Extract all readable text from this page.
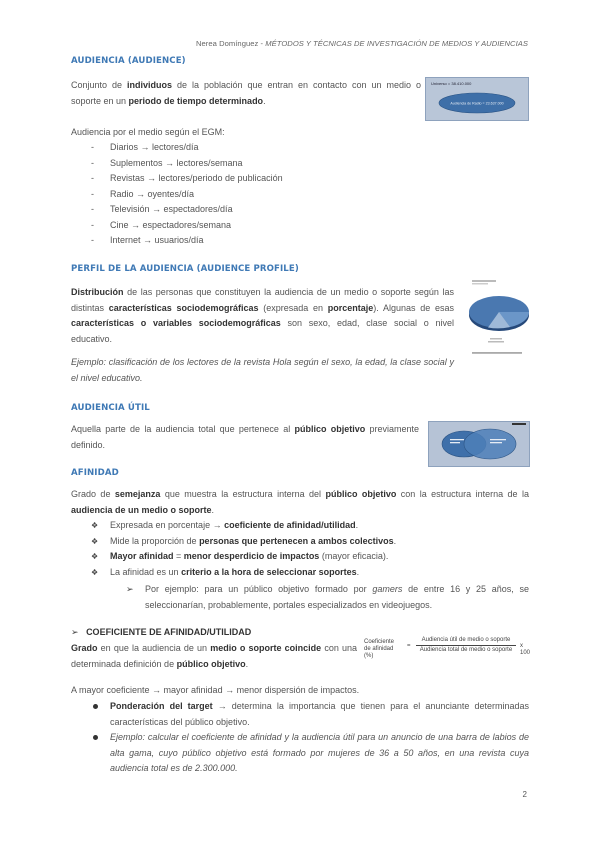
Nerea Domínguez - MÉTODOS Y TÉCNICAS DE INVESTIGACIÓN DE MEDIOS Y AUDIENCIAS
AUDIENCIA (AUDIENCE)
Conjunto de individuos de la población que entran en contacto con un medio o soporte en un periodo de tiempo determinado.
Universo = 38.410.000
Audiencia de Radio = 23.637.000
Audiencia por el medio según el EGM:
- Diarios → lectores/día
- Suplementos → lectores/semana
- Revistas → lectores/periodo de publicación
- Radio → oyentes/día
- Televisión → espectadores/día
- Cine → espectadores/semana
- Internet → usuarios/día
PERFIL DE LA AUDIENCIA (AUDIENCE PROFILE)
Distribución de las personas que constituyen la audiencia de un medio o soporte según las distintas características sociodemográficas (expresada en porcentaje). Algunas de esas características o variables sociodemográficas son sexo, edad, clase social o nivel educativo.
Ejemplo: clasificación de los lectores de la revista Hola según el sexo, la edad, la clase social y el nivel educativo.
AUDIENCIA ÚTIL
Aquella parte de la audiencia total que pertenece al público objetivo previamente definido.
AFINIDAD
Grado de semejanza que muestra la estructura interna del público objetivo con la estructura interna de la audiencia de un medio o soporte.
❖ Expresada en porcentaje → coeficiente de afinidad/utilidad.
❖ Mide la proporción de personas que pertenecen a ambos colectivos.
❖ Mayor afinidad = menor desperdicio de impactos (mayor eficacia).
❖ La afinidad es un criterio a la hora de seleccionar soportes.
➢ Por ejemplo: para un público objetivo formado por gamers de entre 16 y 25 años, se seleccionarían, probablemente, portales especializados en videojuegos.
➢ COEFICIENTE DE AFINIDAD/UTILIDAD
Grado en que la audiencia de un medio o soporte coincide con una determinada definición de público objetivo.
Coeficiente de afinidad (%)
=
Audiencia útil de medio o soporte
Audiencia total de medio o soporte
x 100
A mayor coeficiente → mayor afinidad → menor dispersión de impactos.
Ponderación del target → determina la importancia que tienen para el anunciante determinadas características del público objetivo.
Ejemplo: calcular el coeficiente de afinidad y la audiencia útil para un anuncio de una barra de labios de alta gama, cuyo público objetivo está formado por mujeres de 36 a 50 años, en una revista cuya audiencia total es de 2.300.000.
2
